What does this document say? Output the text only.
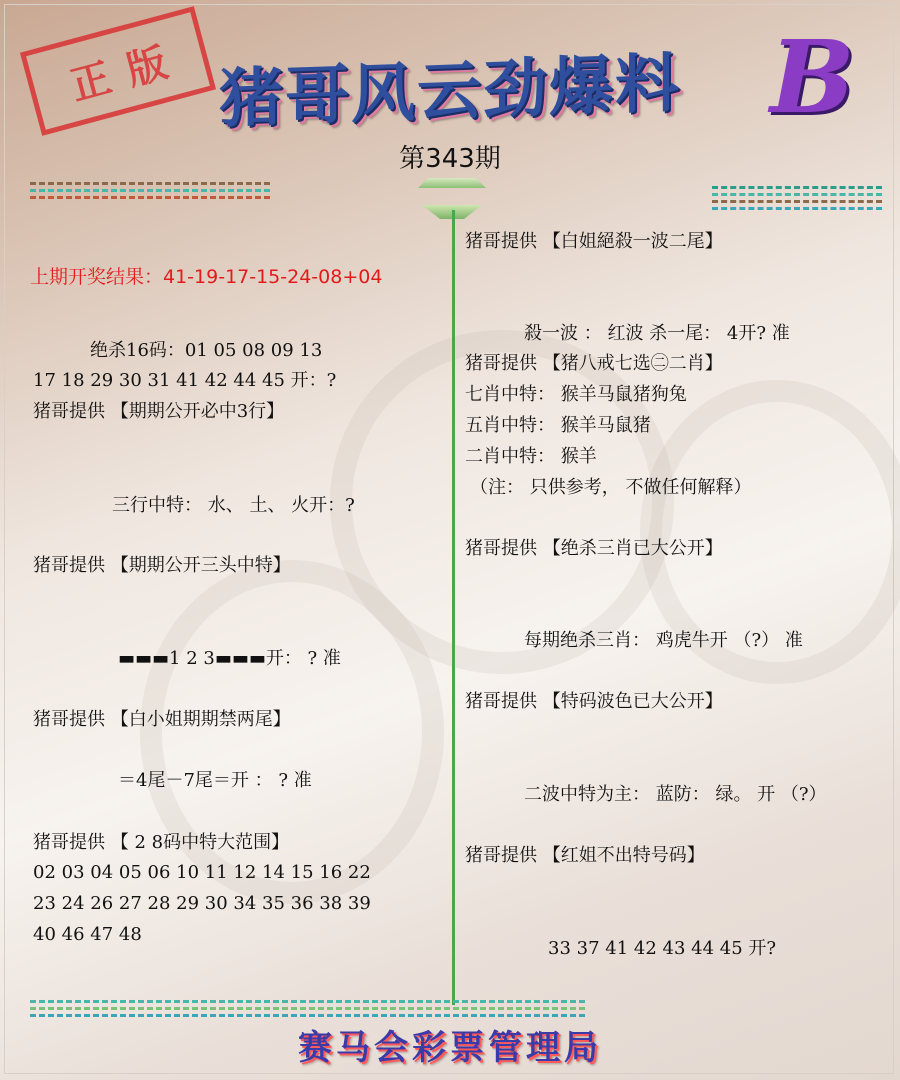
正 版 猪哥风云劲爆料 B
第343期
上期开奖结果：41-19-17-15-24-08+04
绝杀16码：01 05 08 09 13
17 18 29 30 31 41 42 44 45 开：?
猪哥提供 【期期公开必中3行】
三行中特： 水、 土、 火开：?
猪哥提供 【期期公开三头中特】
▬▬▬1 2 3▬▬▬开： ? 准
猪哥提供 【白小姐期期禁两尾】
＝4尾－7尾＝开 ： ? 准
猪哥提供 【 2 8码中特大范围】
02 03 04 05 06 10 11 12 14 15 16 22
23 24 26 27 28 29 30 34 35 36 38 39
40 46 47 48
猪哥提供 【白姐絕殺一波二尾】
殺一波 ： 红波 杀一尾： 4开? 准
猪哥提供 【猪八戒七选㊁二肖】
七肖中特： 猴羊马鼠猪狗兔
五肖中特： 猴羊马鼠猪
二肖中特： 猴羊
（注： 只供参考， 不做任何解释）
猪哥提供 【绝杀三肖已大公开】
每期绝杀三肖： 鸡虎牛开 （?） 准
猪哥提供 【特码波色已大公开】
二波中特为主： 蓝防： 绿。 开 （?）
猪哥提供 【红姐不出特号码】
33 37 41 42 43 44 45 开?
赛马会彩票管理局
